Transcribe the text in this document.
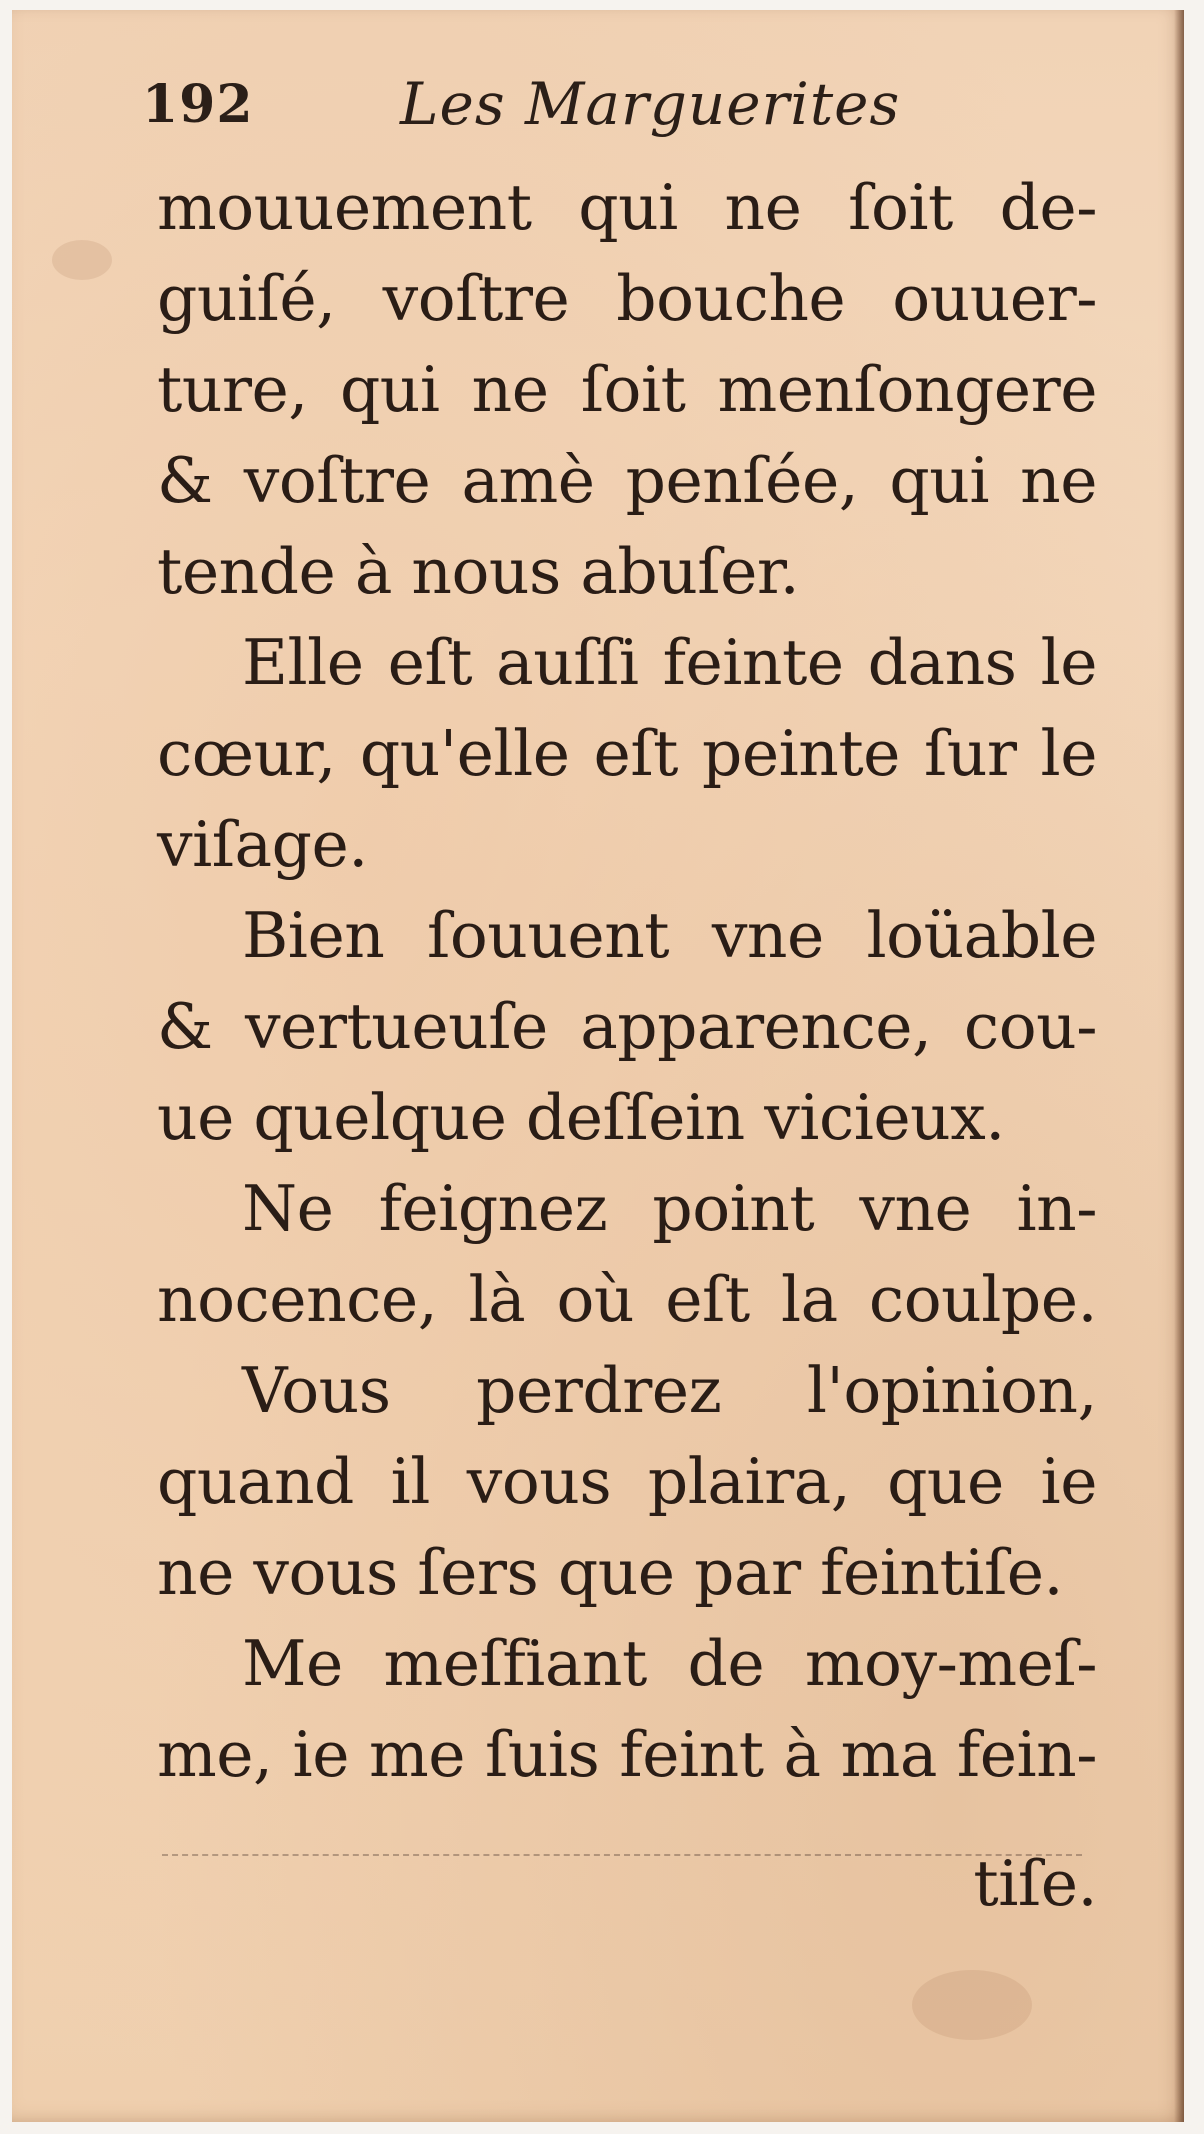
192	Les Marguerites
mouuement qui ne ſoit de-
guiſé, voſtre bouche ouuer-
ture, qui ne ſoit menſongere
& voſtre amè penſée, qui ne
tende à nous abuſer.
Elle eſt auſſi feinte dans le
cœur, qu'elle eſt peinte ſur le
viſage.
Bien ſouuent vne loüable
& vertueuſe apparence, cou-
ue quelque deſſein vicieux.
Ne feignez point vne in-
nocence, là où eſt la coulpe.
Vous perdrez l'opinion,
quand il vous plaira, que ie
ne vous ſers que par feintiſe.
Me meſfiant de moy-meſ-
me, ie me ſuis feint à ma fein-
tiſe.
